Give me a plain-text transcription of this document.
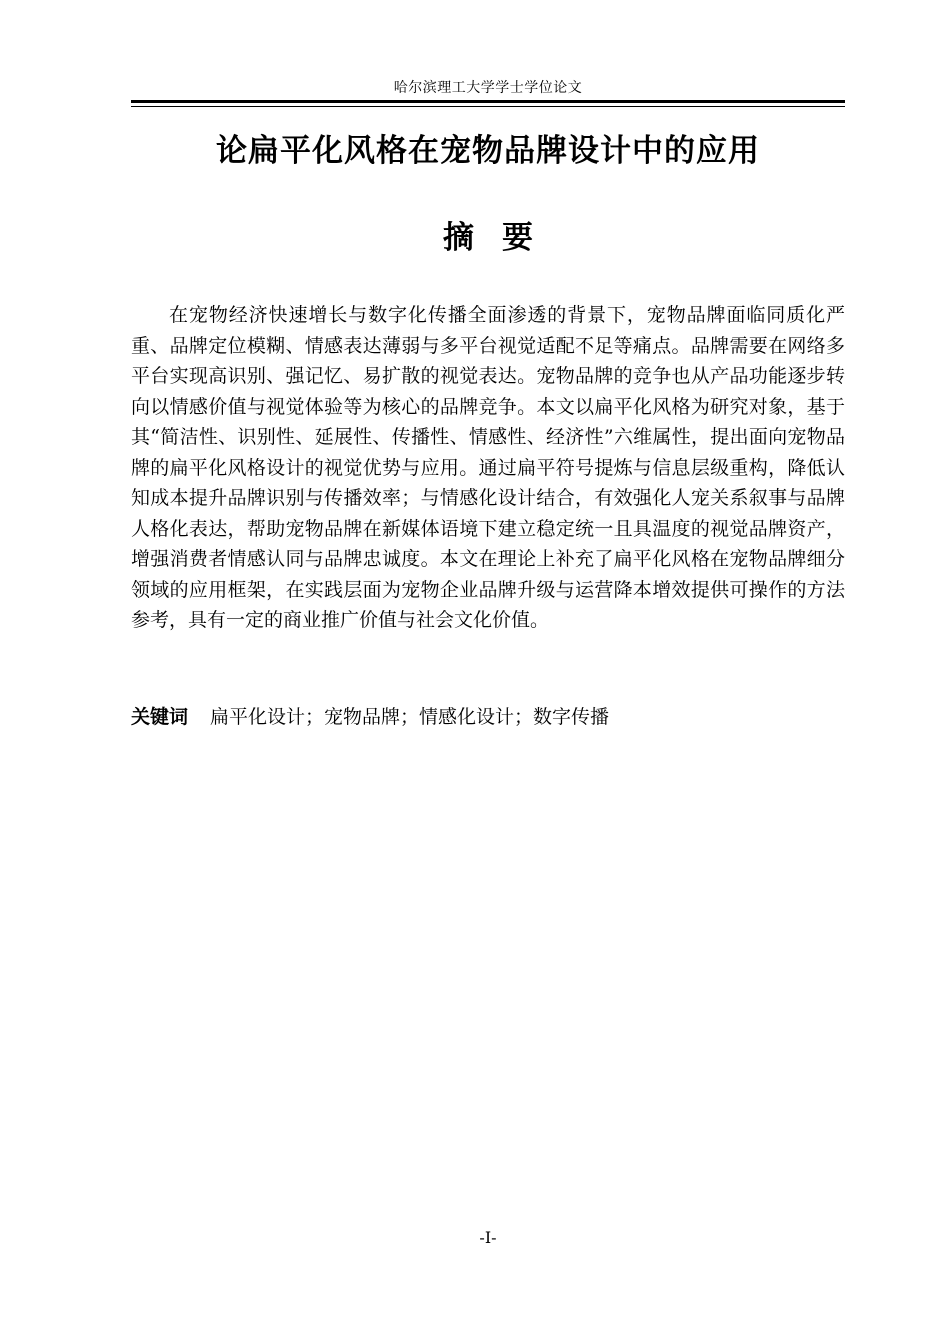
哈尔滨理工大学学士学位论文
论扁平化风格在宠物品牌设计中的应用
摘要

在宠物经济快速增长与数字化传播全面渗透的背景下，宠物品牌面临同质化严重、品牌定位模糊、情感表达薄弱与多平台视觉适配不足等痛点。品牌需要在网络多平台实现高识别、强记忆、易扩散的视觉表达。宠物品牌的竞争也从产品功能逐步转向以情感价值与视觉体验等为核心的品牌竞争。本文以扁平化风格为研究对象，基于其“简洁性、识别性、延展性、传播性、情感性、经济性”六维属性，提出面向宠物品牌的扁平化风格设计的视觉优势与应用。通过扁平符号提炼与信息层级重构，降低认知成本提升品牌识别与传播效率；与情感化设计结合，有效强化人宠关系叙事与品牌人格化表达，帮助宠物品牌在新媒体语境下建立稳定统一且具温度的视觉品牌资产，增强消费者情感认同与品牌忠诚度。本文在理论上补充了扁平化风格在宠物品牌细分领域的应用框架，在实践层面为宠物企业品牌升级与运营降本增效提供可操作的方法参考，具有一定的商业推广价值与社会文化价值。

关键词 扁平化设计；宠物品牌；情感化设计；数字传播

-I-
